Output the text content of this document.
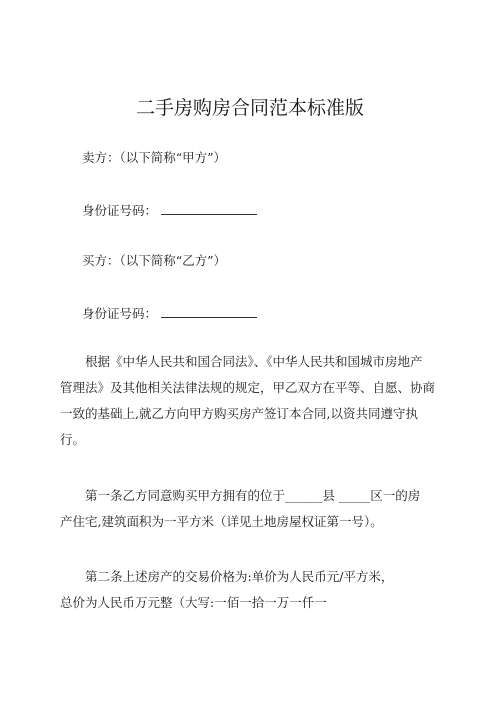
二手房购房合同范本标准版
卖方：（以下简称“甲方”）
身份证号码：
买方：（以下简称“乙方”）
身份证号码：
根据《中华人民共和国合同法》、《中华人民共和国城市房地产
管理法》及其他相关法律法规的规定，甲乙双方在平等、自愿、协商
一致的基础上,就乙方向甲方购买房产签订本合同,以资共同遵守执
行。
第一条乙方同意购买甲方拥有的位于______县 _____区一的房
产住宅,建筑面积为一平方米（详见土地房屋权证第一号）。
第二条上述房产的交易价格为:单价为人民币元/平方米，
总价为人民币万元整（大写:一佰一拾一万一仟一
